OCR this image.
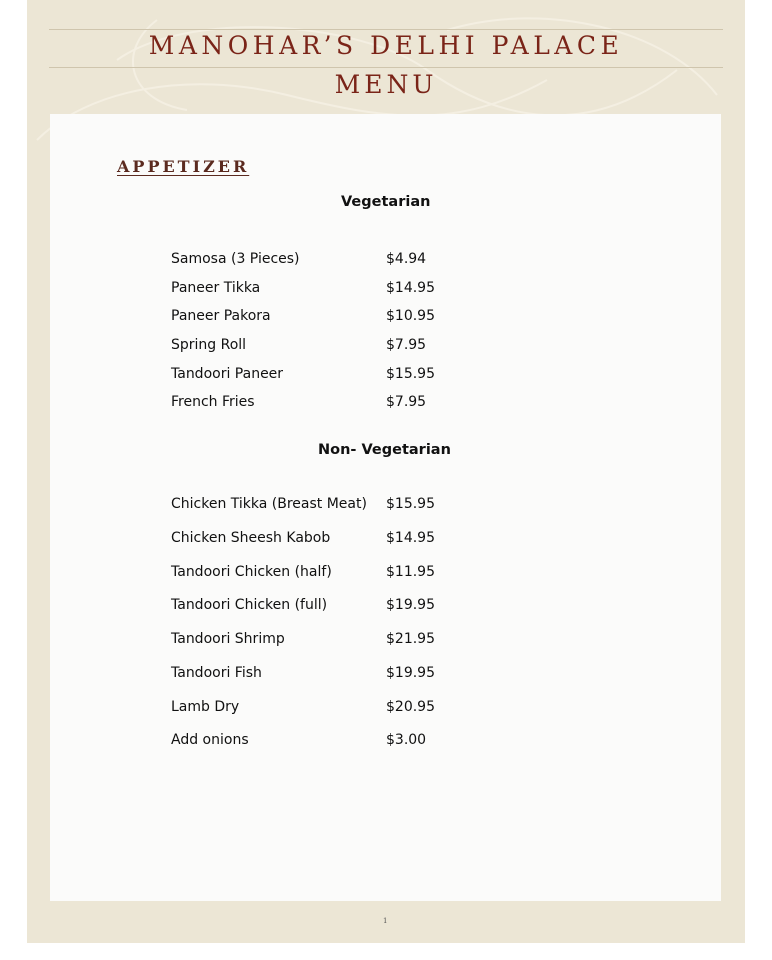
MANOHAR’S DELHI PALACE
MENU
APPETIZER
Vegetarian
Samosa (3 Pieces)	$4.94
Paneer Tikka	$14.95
Paneer Pakora	$10.95
Spring Roll	$7.95
Tandoori Paneer	$15.95
French Fries	$7.95
Non- Vegetarian
Chicken Tikka (Breast Meat) $15.95
Chicken Sheesh Kabob	$14.95
Tandoori Chicken (half)	$11.95
Tandoori Chicken (full)	$19.95
Tandoori Shrimp	$21.95
Tandoori Fish	$19.95
Lamb Dry	$20.95
Add onions	$3.00
1
